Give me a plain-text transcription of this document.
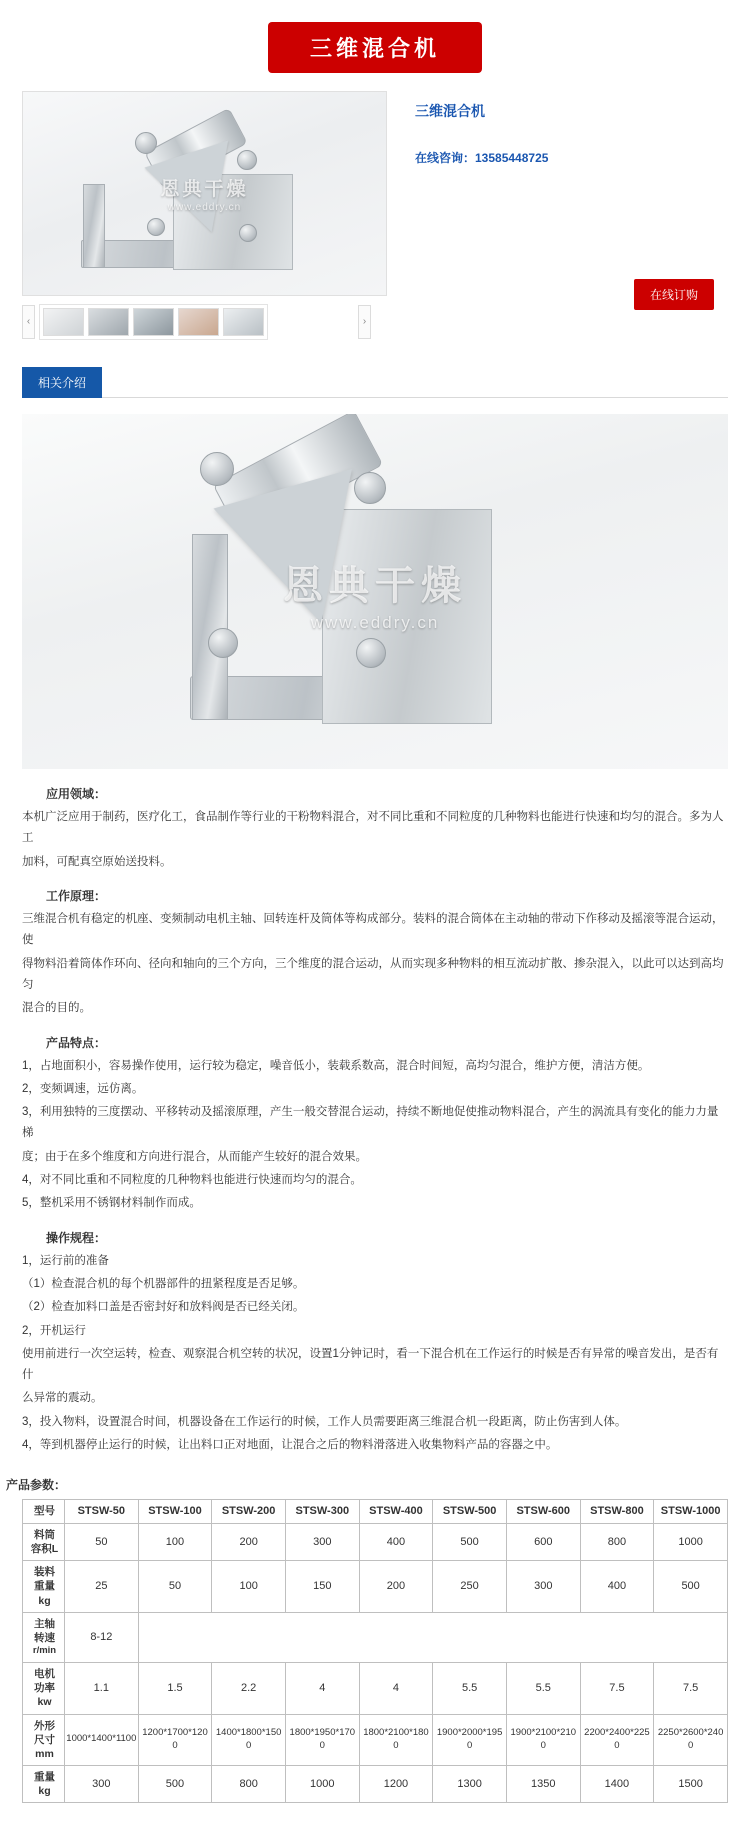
三维混合机
恩典干燥
www.eddry.cn
‹	›
三维混合机
在线咨询：13585448725
在线订购
相关介绍
恩典干燥
www.eddry.cn
应用领域：

本机广泛应用于制药，医疗化工，食品制作等行业的干粉物料混合，对不同比重和不同粒度的几种物料也能进行快速和均匀的混合。多为人工

加料，可配真空原始送投料。

工作原理：

三维混合机有稳定的机座、变频制动电机主轴、回转连杆及筒体等构成部分。装料的混合筒体在主动轴的带动下作移动及摇滚等混合运动，使

得物料沿着筒体作环向、径向和轴向的三个方向，三个维度的混合运动，从而实现多种物料的相互流动扩散、掺杂混入，以此可以达到高均匀

混合的目的。

产品特点：

1，占地面积小，容易操作使用，运行较为稳定，噪音低小，装载系数高，混合时间短，高均匀混合，维护方便，清洁方便。

2，变频调速，远仿离。

3，利用独特的三度摆动、平移转动及摇滚原理，产生一般交替混合运动，持续不断地促使推动物料混合，产生的涡流具有变化的能力力量梯

度；由于在多个维度和方向进行混合，从而能产生较好的混合效果。

4，对不同比重和不同粒度的几种物料也能进行快速而均匀的混合。

5，整机采用不锈钢材料制作而成。

操作规程：

1，运行前的准备

（1）检查混合机的每个机器部件的扭紧程度是否足够。

（2）检查加料口盖是否密封好和放料阀是否已经关闭。

2，开机运行

使用前进行一次空运转，检查、观察混合机空转的状况，设置1分钟记时，看一下混合机在工作运行的时候是否有异常的噪音发出，是否有什

么异常的震动。

3，投入物料，设置混合时间，机器设备在工作运行的时候，工作人员需要距离三维混合机一段距离，防止伤害到人体。

4，等到机器停止运行的时候，让出料口正对地面，让混合之后的物料滑落进入收集物料产品的容器之中。

产品参数：
型号	STSW-50	STSW-100	STSW-200	STSW-300	STSW-400	STSW-500	STSW-600	STSW-800	STSW-1000

料筒
容积L	50	100	200	300	400	500	600	800	1000

装料
重量
kg	25	50	100	150	200	250	300	400	500

主轴
转速
r/min	8-12								

电机
功率
kw	1.1	1.5	2.2	4	4	5.5	5.5	7.5	7.5

外形
尺寸
mm	1000*1400*1100	1200*1700*1200	1400*1800*1500	1800*1950*1700	1800*2100*1800	1900*2000*1950	1900*2100*2100	2200*2400*2250	2250*2600*2400

重量
kg	300	500	800	1000	1200	1300	1350	1400	1500
